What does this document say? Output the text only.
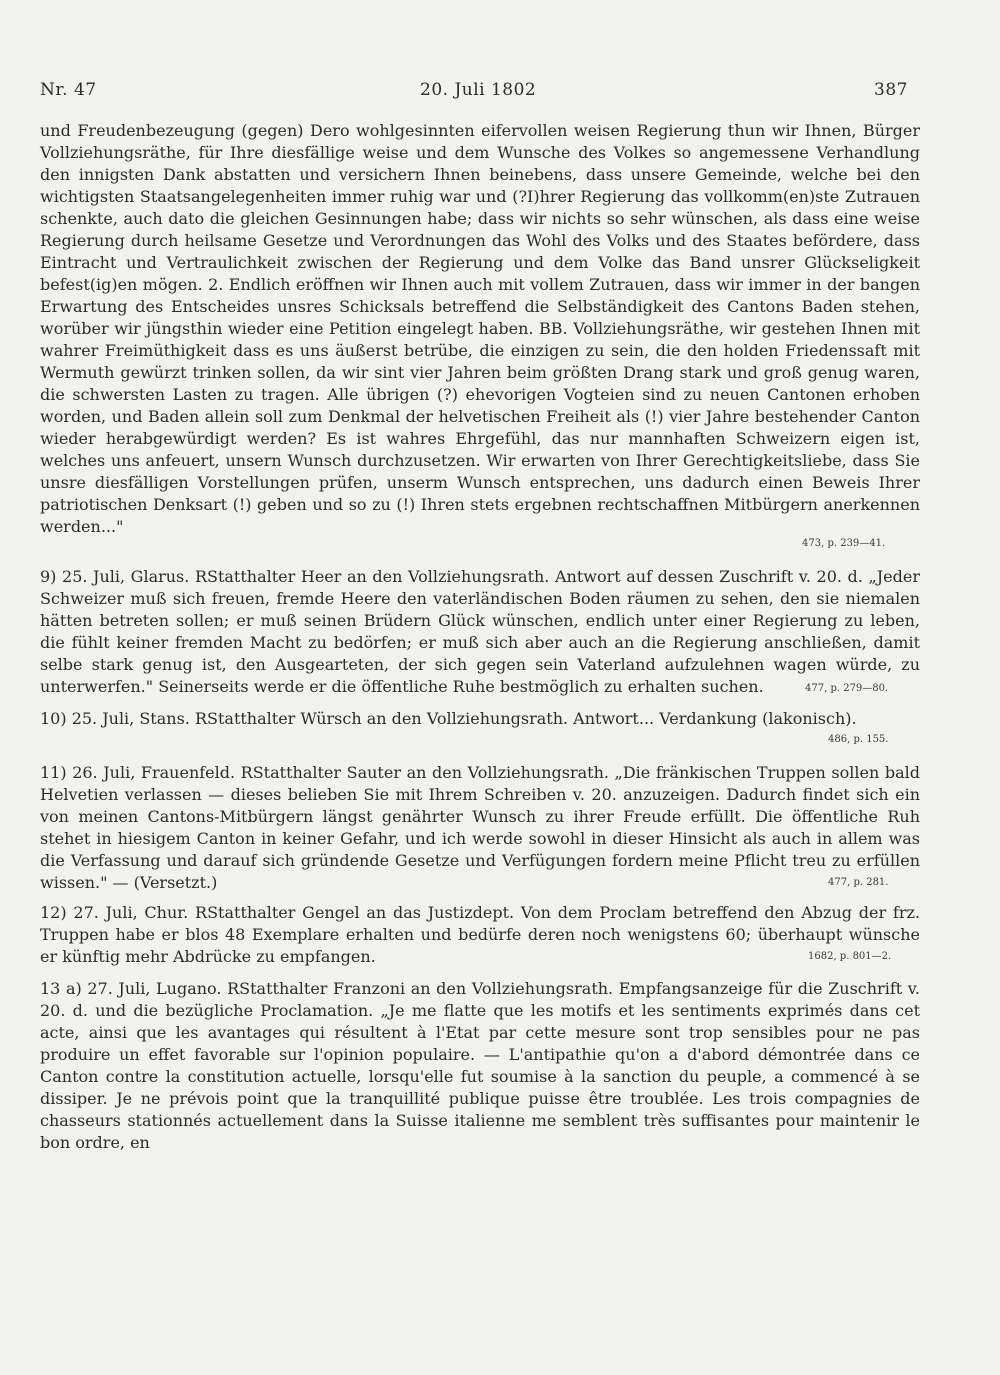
Nr. 47	20. Juli 1802	387

und Freudenbezeugung (gegen) Dero wohlgesinnten eifervollen weisen Regierung thun wir Ihnen, Bürger Vollziehungsräthe, für Ihre diesfällige weise und dem Wunsche des Volkes so angemessene Verhandlung den innigsten Dank abstatten und versichern Ihnen beinebens, dass unsere Gemeinde, welche bei den wichtigsten Staatsangelegenheiten immer ruhig war und (?I)hrer Regierung das vollkomm(en)ste Zutrauen schenkte, auch dato die gleichen Gesinnungen habe; dass wir nichts so sehr wünschen, als dass eine weise Regierung durch heilsame Gesetze und Verordnungen das Wohl des Volks und des Staates befördere, dass Eintracht und Vertraulichkeit zwischen der Regierung und dem Volke das Band unsrer Glückseligkeit befest(ig)en mögen. 2. Endlich eröffnen wir Ihnen auch mit vollem Zutrauen, dass wir immer in der bangen Erwartung des Entscheides unsres Schicksals betreffend die Selbständigkeit des Cantons Baden stehen, worüber wir jüngsthin wieder eine Petition eingelegt haben. BB. Vollziehungsräthe, wir gestehen Ihnen mit wahrer Freimüthigkeit dass es uns äußerst betrübe, die einzigen zu sein, die den holden Friedenssaft mit Wermuth gewürzt trinken sollen, da wir sint vier Jahren beim größten Drang stark und groß genug waren, die schwersten Lasten zu tragen. Alle übrigen (?) ehevorigen Vogteien sind zu neuen Cantonen erhoben worden, und Baden allein soll zum Denkmal der helvetischen Freiheit als (!) vier Jahre bestehender Canton wieder herabgewürdigt werden? Es ist wahres Ehrgefühl, das nur mannhaften Schweizern eigen ist, welches uns anfeuert, unsern Wunsch durchzusetzen. Wir erwarten von Ihrer Gerechtigkeitsliebe, dass Sie unsre diesfälligen Vorstellungen prüfen, unserm Wunsch entsprechen, uns dadurch einen Beweis Ihrer patriotischen Denksart (!) geben und so zu (!) Ihren stets ergebnen rechtschaffnen Mitbürgern anerkennen werden..."

473, p. 239—41.

9) 25. Juli, Glarus. RStatthalter Heer an den Vollziehungsrath. Antwort auf dessen Zuschrift v. 20. d. „Jeder Schweizer muß sich freuen, fremde Heere den vaterländischen Boden räumen zu sehen, den sie niemalen hätten betreten sollen; er muß seinen Brüdern Glück wünschen, endlich unter einer Regierung zu leben, die fühlt keiner fremden Macht zu bedörfen; er muß sich aber auch an die Regierung anschließen, damit selbe stark genug ist, den Ausgearteten, der sich gegen sein Vaterland aufzulehnen wagen würde, zu unterwerfen." Seinerseits werde er die öffentliche Ruhe bestmöglich zu erhalten suchen.	477, p. 279—80.

10) 25. Juli, Stans. RStatthalter Würsch an den Vollziehungsrath. Antwort... Verdankung (lakonisch).

486, p. 155.

11) 26. Juli, Frauenfeld. RStatthalter Sauter an den Vollziehungsrath. „Die fränkischen Truppen sollen bald Helvetien verlassen — dieses belieben Sie mit Ihrem Schreiben v. 20. anzuzeigen. Dadurch findet sich ein von meinen Cantons-Mitbürgern längst genährter Wunsch zu ihrer Freude erfüllt. Die öffentliche Ruh stehet in hiesigem Canton in keiner Gefahr, und ich werde sowohl in dieser Hinsicht als auch in allem was die Verfassung und darauf sich gründende Gesetze und Verfügungen fordern meine Pflicht treu zu erfüllen wissen." — (Versetzt.)	477, p. 281.

12) 27. Juli, Chur. RStatthalter Gengel an das Justizdept. Von dem Proclam betreffend den Abzug der frz. Truppen habe er blos 48 Exemplare erhalten und bedürfe deren noch wenigstens 60; überhaupt wünsche er künftig mehr Abdrücke zu empfangen.	1682, p. 801—2.

13 a) 27. Juli, Lugano. RStatthalter Franzoni an den Vollziehungsrath. Empfangsanzeige für die Zuschrift v. 20. d. und die bezügliche Proclamation. „Je me flatte que les motifs et les sentiments exprimés dans cet acte, ainsi que les avantages qui résultent à l'Etat par cette mesure sont trop sensibles pour ne pas produire un effet favorable sur l'opinion populaire. — L'antipathie qu'on a d'abord démontrée dans ce Canton contre la constitution actuelle, lorsqu'elle fut soumise à la sanction du peuple, a commencé à se dissiper. Je ne prévois point que la tranquillité publique puisse être troublée. Les trois compagnies de chasseurs stationnés actuellement dans la Suisse italienne me semblent très suffisantes pour maintenir le bon ordre, en
